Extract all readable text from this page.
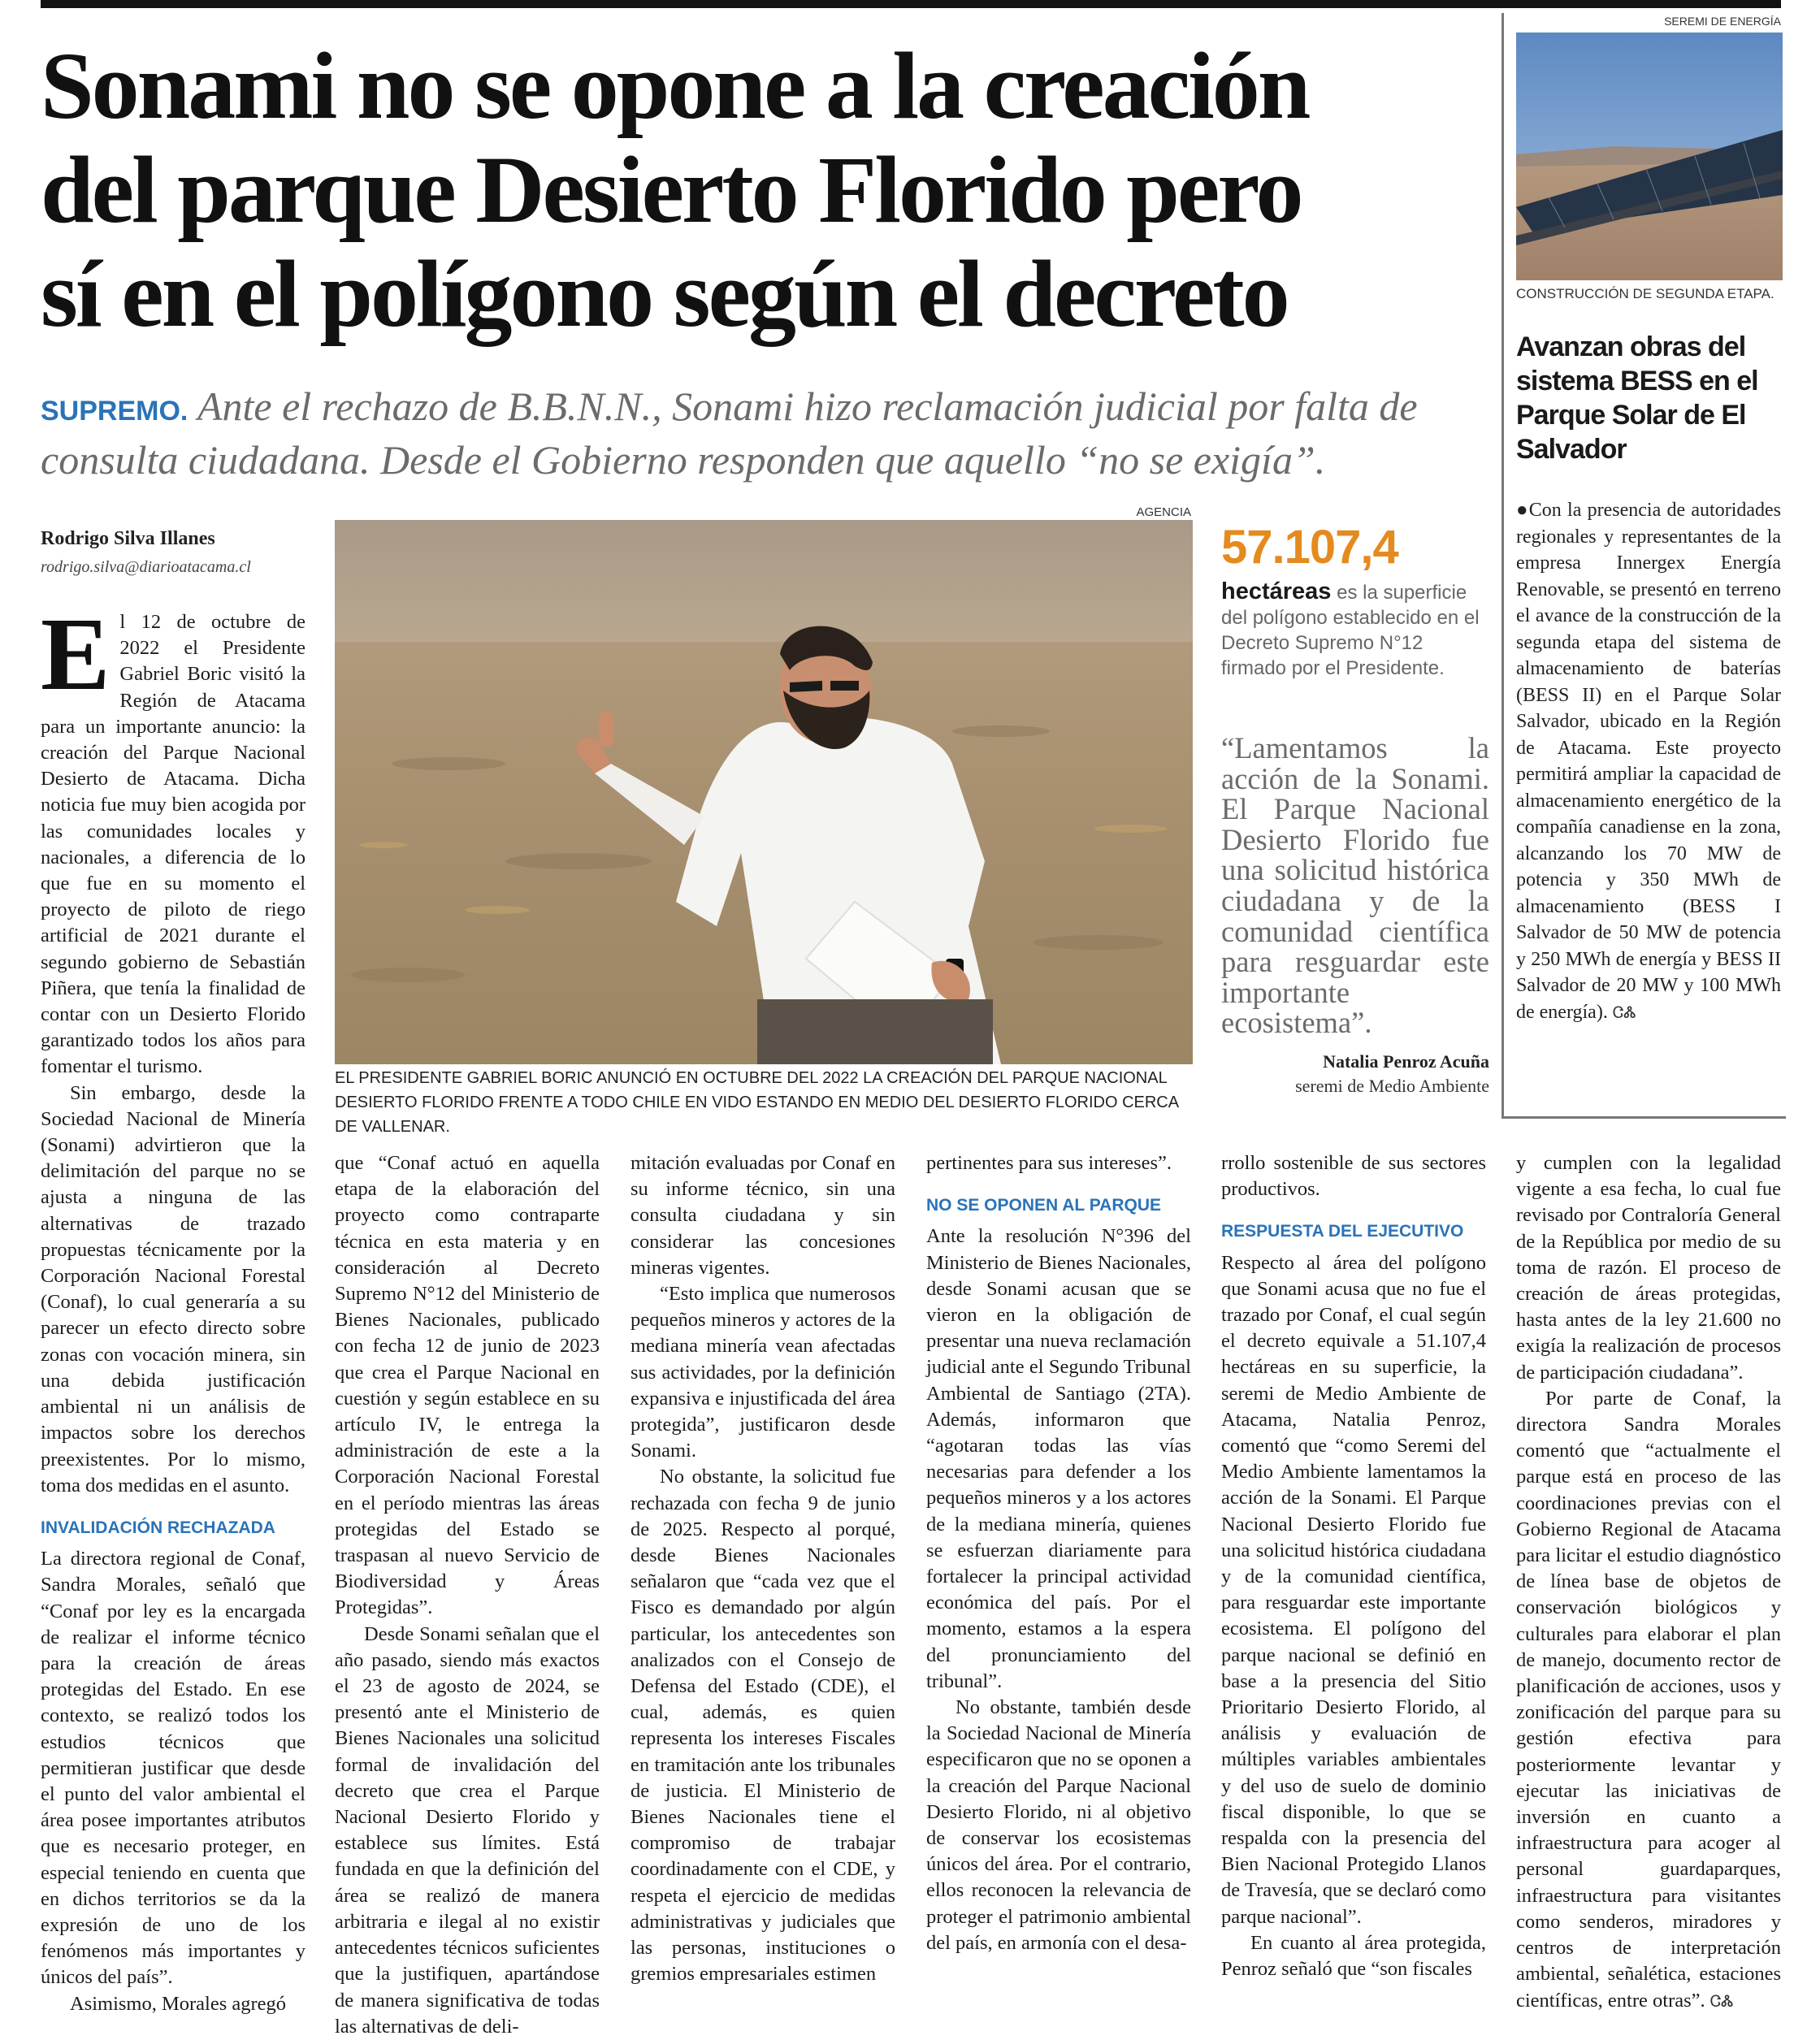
Sonami no se opone a la creación
del parque Desierto Florido pero
sí en el polígono según el decreto

SUPREMO. Ante el rechazo de B.B.N.N., Sonami hizo reclamación judicial por falta de consulta ciudadana. Desde el Gobierno responden que aquello “no se exigía”.

Rodrigo Silva Illanes
rodrigo.silva@diarioatacama.cl
AGENCIA
EL PRESIDENTE GABRIEL BORIC ANUNCIÓ EN OCTUBRE DEL 2022 LA CREACIÓN DEL PARQUE NACIONAL DESIERTO FLORIDO FRENTE A TODO CHILE EN VIDO ESTANDO EN MEDIO DEL DESIERTO FLORIDO CERCA DE VALLENAR.
57.107,4
hectáreas es la superficie del polígono establecido en el Decreto Supremo N°12 firmado por el Presidente.
“Lamentamos la acción de la Sonami. El Parque Nacional Desierto Florido fue una solicitud histórica ciudadana y de la comunidad científica para resguardar este importante ecosistema”.
Natalia Penroz Acuña
seremi de Medio Ambiente

El 12 de octubre de 2022 el Presidente Gabriel Boric visitó la Región de Atacama para un importante anuncio: la creación del Parque Nacional Desierto de Atacama. Dicha noticia fue muy bien acogida por las comunidades locales y nacionales, a diferencia de lo que fue en su momento el proyecto de piloto de riego artificial de 2021 durante el segundo gobierno de Sebastián Piñera, que tenía la finalidad de contar con un Desierto Florido garantizado todos los años para fomentar el turismo.

Sin embargo, desde la Sociedad Nacional de Minería (Sonami) advirtieron que la delimitación del parque no se ajusta a ninguna de las alternativas de trazado propuestas técnicamente por la Corporación Nacional Forestal (Conaf), lo cual generaría a su parecer un efecto directo sobre zonas con vocación minera, sin una debida justificación ambiental ni un análisis de impactos sobre los derechos preexistentes. Por lo mismo, toma dos medidas en el asunto.

INVALIDACIÓN RECHAZADA

La directora regional de Conaf, Sandra Morales, señaló que “Conaf por ley es la encargada de realizar el informe técnico para la creación de áreas protegidas del Estado. En ese contexto, se realizó todos los estudios técnicos que permitieran justificar que desde el punto del valor ambiental el área posee importantes atributos que es necesario proteger, en especial teniendo en cuenta que en dichos territorios se da la expresión de uno de los fenómenos más importantes y únicos del país”.

Asimismo, Morales agregó

que “Conaf actuó en aquella etapa de la elaboración del proyecto como contraparte técnica en esta materia y en consideración al Decreto Supremo N°12 del Ministerio de Bienes Nacionales, publicado con fecha 12 de junio de 2023 que crea el Parque Nacional en cuestión y según establece en su artículo IV, le entrega la administración de este a la Corporación Nacional Forestal en el período mientras las áreas protegidas del Estado se traspasan al nuevo Servicio de Biodiversidad y Áreas Protegidas”.

Desde Sonami señalan que el año pasado, siendo más exactos el 23 de agosto de 2024, se presentó ante el Ministerio de Bienes Nacionales una solicitud formal de invalidación del decreto que crea el Parque Nacional Desierto Florido y establece sus límites. Está fundada en que la definición del área se realizó de manera arbitraria e ilegal al no existir antecedentes técnicos suficientes que la justifiquen, apartándose de manera significativa de todas las alternativas de deli-

mitación evaluadas por Conaf en su informe técnico, sin una consulta ciudadana y sin considerar las concesiones mineras vigentes.

“Esto implica que numerosos pequeños mineros y actores de la mediana minería vean afectadas sus actividades, por la definición expansiva e injustificada del área protegida”, justificaron desde Sonami.

No obstante, la solicitud fue rechazada con fecha 9 de junio de 2025. Respecto al porqué, desde Bienes Nacionales señalaron que “cada vez que el Fisco es demandado por algún particular, los antecedentes son analizados con el Consejo de Defensa del Estado (CDE), el cual, además, es quien representa los intereses Fiscales en tramitación ante los tribunales de justicia. El Ministerio de Bienes Nacionales tiene el compromiso de trabajar coordinadamente con el CDE, y respeta el ejercicio de medidas administrativas y judiciales que las personas, instituciones o gremios empresariales estimen

pertinentes para sus intereses”.

NO SE OPONEN AL PARQUE

Ante la resolución N°396 del Ministerio de Bienes Nacionales, desde Sonami acusan que se vieron en la obligación de presentar una nueva reclamación judicial ante el Segundo Tribunal Ambiental de Santiago (2TA). Además, informaron que “agotaran todas las vías necesarias para defender a los pequeños mineros y a los actores de la mediana minería, quienes se esfuerzan diariamente para fortalecer la principal actividad económica del país. Por el momento, estamos a la espera del pronunciamiento del tribunal”.

No obstante, también desde la Sociedad Nacional de Minería especificaron que no se oponen a la creación del Parque Nacional Desierto Florido, ni al objetivo de conservar los ecosistemas únicos del área. Por el contrario, ellos reconocen la relevancia de proteger el patrimonio ambiental del país, en armonía con el desa-

rrollo sostenible de sus sectores productivos.

RESPUESTA DEL EJECUTIVO

Respecto al área del polígono que Sonami acusa que no fue el trazado por Conaf, el cual según el decreto equivale a 51.107,4 hectáreas en su superficie, la seremi de Medio Ambiente de Atacama, Natalia Penroz, comentó que “como Seremi del Medio Ambiente lamentamos la acción de la Sonami. El Parque Nacional Desierto Florido fue una solicitud histórica ciudadana y de la comunidad científica, para resguardar este importante ecosistema. El polígono del parque nacional se definió en base a la presencia del Sitio Prioritario Desierto Florido, al análisis y evaluación de múltiples variables ambientales y del uso de suelo de dominio fiscal disponible, lo que se respalda con la presencia del Bien Nacional Protegido Llanos de Travesía, que se declaró como parque nacional”.

En cuanto al área protegida, Penroz señaló que “son fiscales

y cumplen con la legalidad vigente a esa fecha, lo cual fue revisado por Contraloría General de la República por medio de su toma de razón. El proceso de creación de áreas protegidas, hasta antes de la ley 21.600 no exigía la realización de procesos de participación ciudadana”.

Por parte de Conaf, la directora Sandra Morales comentó que “actualmente el parque está en proceso de las coordinaciones previas con el Gobierno Regional de Atacama para licitar el estudio diagnóstico de línea base de objetos de conservación biológicos y culturales para elaborar el plan de manejo, documento rector de planificación de acciones, usos y zonificación del parque para su gestión efectiva para posteriormente levantar y ejecutar las iniciativas de inversión en cuanto a infraestructura para acoger al personal guardaparques, infraestructura para visitantes como senderos, miradores y centros de interpretación ambiental, señalética, estaciones científicas, entre otras”. ᏣᏜ

SEREMI DE ENERGÍA
CONSTRUCCIÓN DE SEGUNDA ETAPA.
Avanzan obras del sistema BESS en el Parque Solar de El Salvador
●Con la presencia de autoridades regionales y representantes de la empresa Innergex Energía Renovable, se presentó en terreno el avance de la construcción de la segunda etapa del sistema de almacenamiento de baterías (BESS II) en el Parque Solar Salvador, ubicado en la Región de Atacama. Este proyecto permitirá ampliar la capacidad de almacenamiento energético de la compañía canadiense en la zona, alcanzando los 70 MW de potencia y 350 MWh de almacenamiento (BESS I Salvador de 50 MW de potencia y 250 MWh de energía y BESS II Salvador de 20 MW y 100 MWh de energía). ᏣᏜ
